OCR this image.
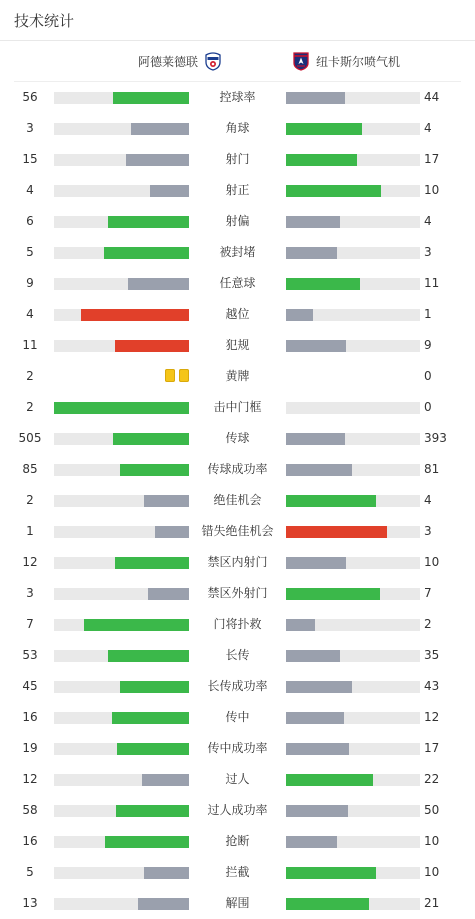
技术统计
阿德莱德联	纽卡斯尔喷气机
56	控球率	44
3	角球	4
15	射门	17
4	射正	10
6	射偏	4
5	被封堵	3
9	任意球	11
4	越位	1
11	犯规	9
2	黄牌	0
2	击中门框	0
505	传球	393
85	传球成功率	81
2	绝佳机会	4
1	错失绝佳机会	3
12	禁区内射门	10
3	禁区外射门	7
7	门将扑救	2
53	长传	35
45	长传成功率	43
16	传中	12
19	传中成功率	17
12	过人	22
58	过人成功率	50
16	抢断	10
5	拦截	10
13	解围	21
